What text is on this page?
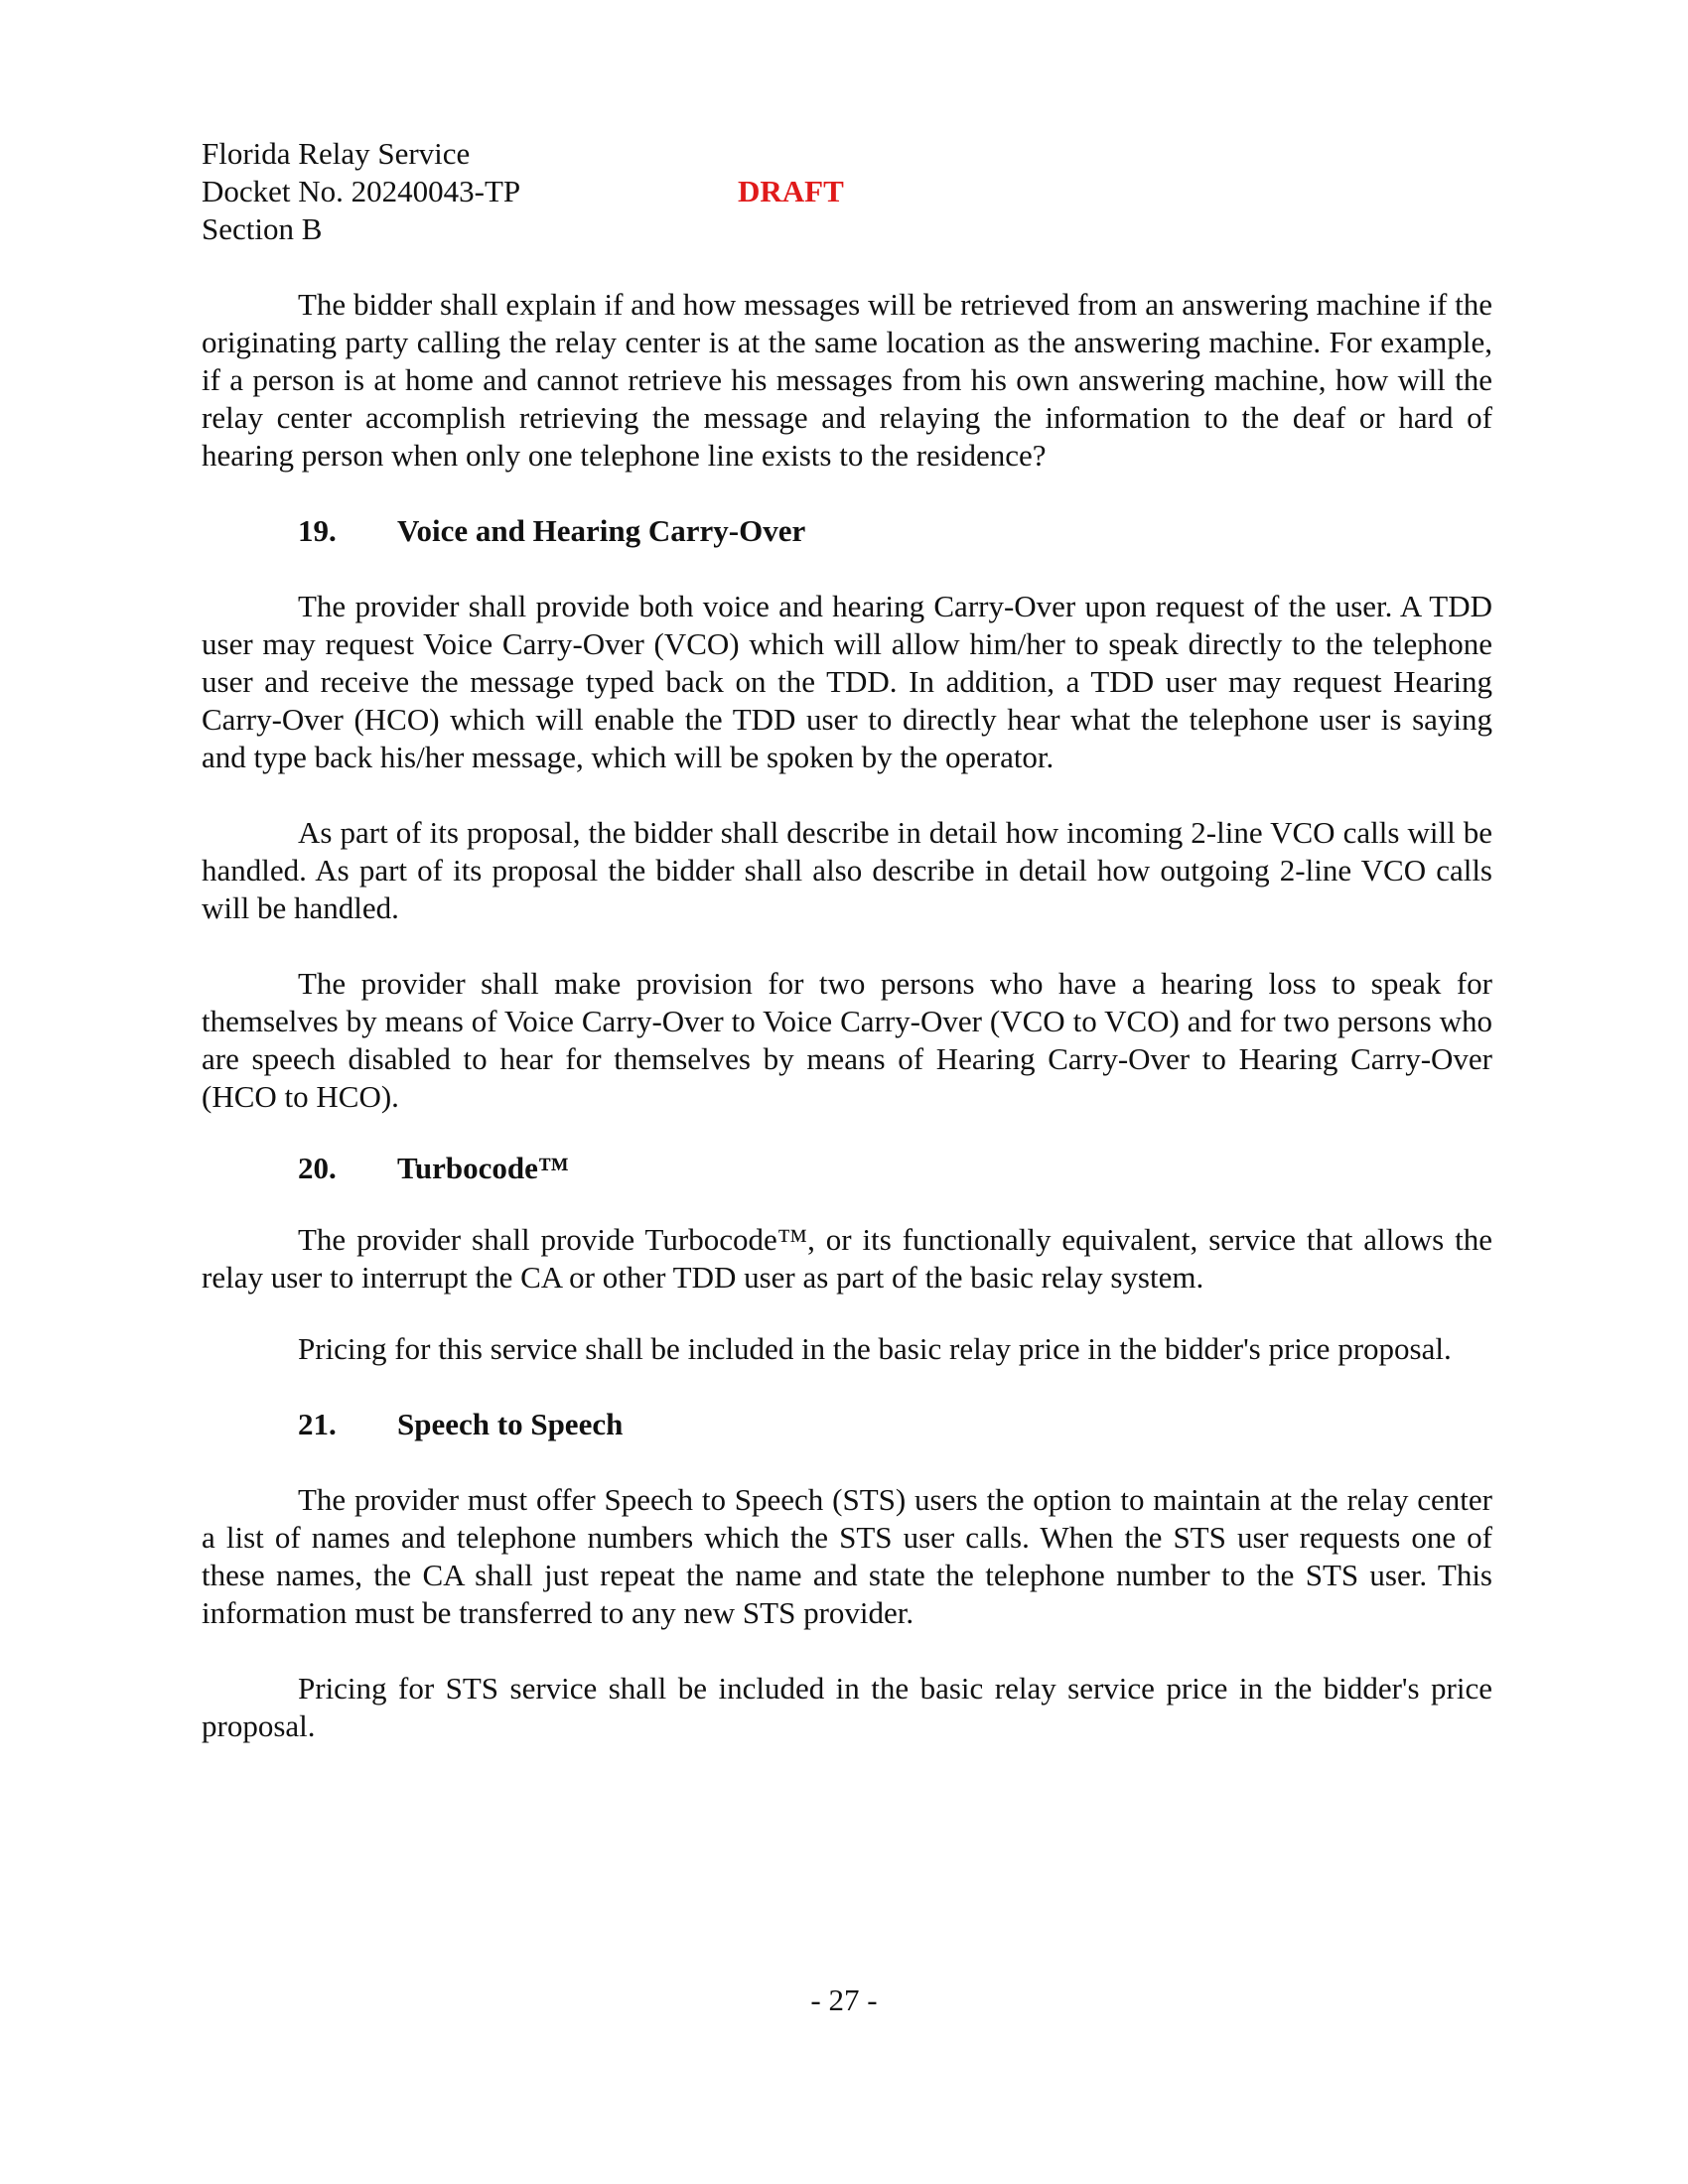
Florida Relay Service
Docket No. 20240043-TP	DRAFT
Section B

The bidder shall explain if and how messages will be retrieved from an answering machine if the originating party calling the relay center is at the same location as the answering machine. For example, if a person is at home and cannot retrieve his messages from his own answering machine, how will the relay center accomplish retrieving the message and relaying the information to the deaf or hard of hearing person when only one telephone line exists to the residence?

19. Voice and Hearing Carry-Over

The provider shall provide both voice and hearing Carry-Over upon request of the user. A TDD user may request Voice Carry-Over (VCO) which will allow him/her to speak directly to the telephone user and receive the message typed back on the TDD. In addition, a TDD user may request Hearing Carry-Over (HCO) which will enable the TDD user to directly hear what the telephone user is saying and type back his/her message, which will be spoken by the operator.

As part of its proposal, the bidder shall describe in detail how incoming 2-line VCO calls will be handled. As part of its proposal the bidder shall also describe in detail how outgoing 2-line VCO calls will be handled.

The provider shall make provision for two persons who have a hearing loss to speak for themselves by means of Voice Carry-Over to Voice Carry-Over (VCO to VCO) and for two persons who are speech disabled to hear for themselves by means of Hearing Carry-Over to Hearing Carry-Over (HCO to HCO).

20. Turbocode™

The provider shall provide Turbocode™, or its functionally equivalent, service that allows the relay user to interrupt the CA or other TDD user as part of the basic relay system.

Pricing for this service shall be included in the basic relay price in the bidder's price proposal.

21. Speech to Speech

The provider must offer Speech to Speech (STS) users the option to maintain at the relay center a list of names and telephone numbers which the STS user calls. When the STS user requests one of these names, the CA shall just repeat the name and state the telephone number to the STS user. This information must be transferred to any new STS provider.

Pricing for STS service shall be included in the basic relay service price in the bidder's price proposal.

- 27 -
